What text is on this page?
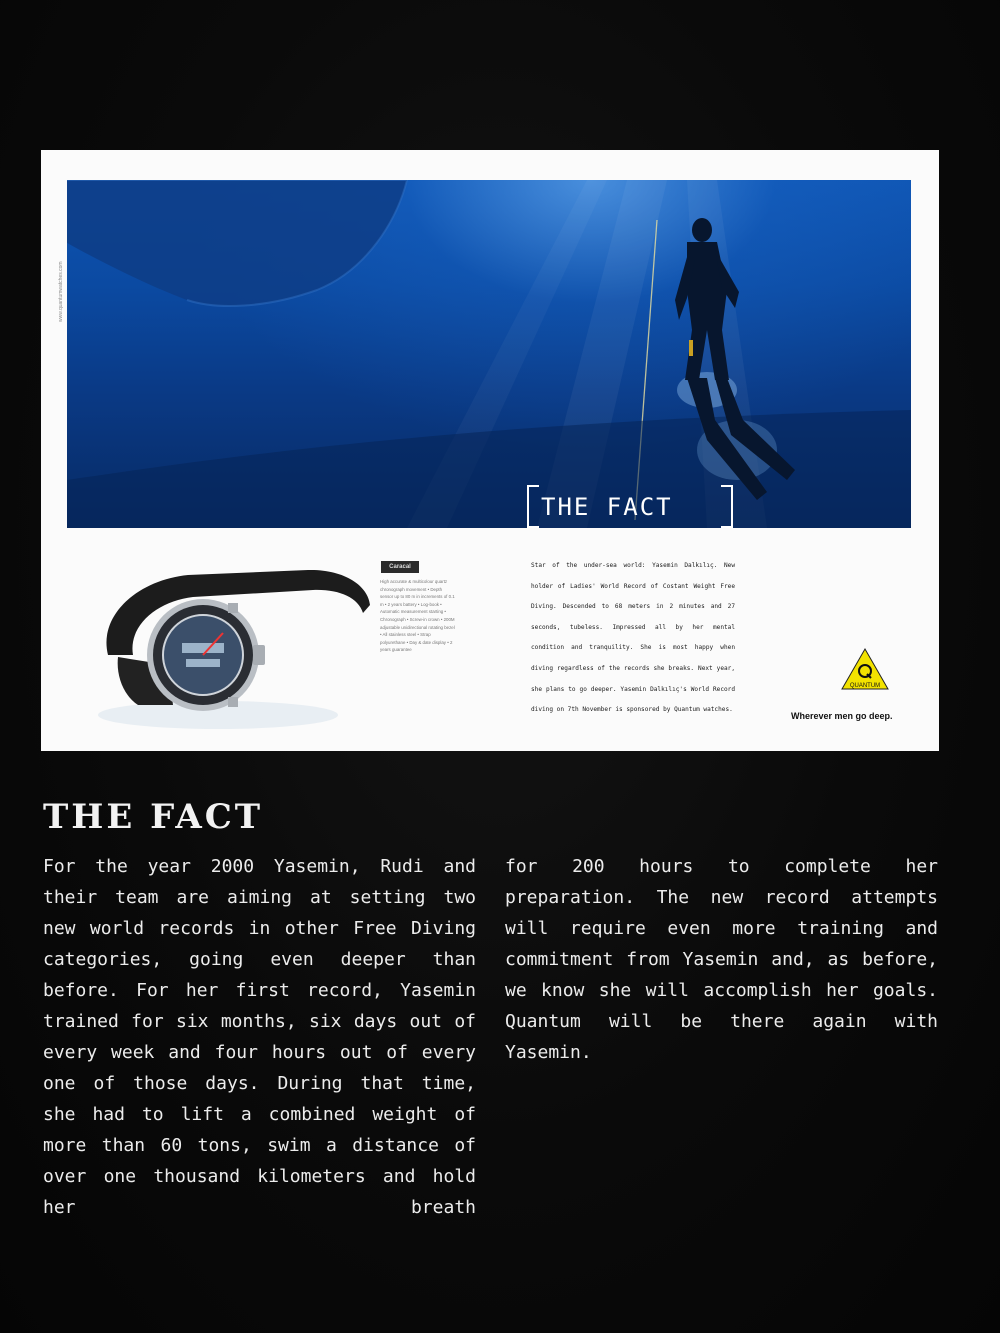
www.quantumwatches.com
THE FACT
Caracal
High accurate & multicolour quartz chronograph movement • Depth sensor up to 80 m in increments of 0.1 m • 2 years battery • Log-book • Automatic measurement starting • Chronograph • Screw-in crown • 200M adjustable unidirectional rotating bezel • All stainless steel • Strap polyurethane • Day & date display • 2 years guarantee
Star of the under-sea world: Yasemin Dalkılıç. New holder of Ladies' World Record of Costant Weight Free Diving. Descended to 68 meters in 2 minutes and 27 seconds, tubeless. Impressed all by her mental condition and tranquility. She is most happy when diving regardless of the records she breaks. Next year, she plans to go deeper. Yasemin Dalkılıç's World Record diving on 7th November is sponsored by Quantum watches.
QUANTUM
Wherever men go deep.
THE FACT
For the year 2000 Yasemin, Rudi and their team are aiming at setting two new world records in other Free Diving categories, going even deeper than before. For her first record, Yasemin trained for six months, six days out of every week and four hours out of every one of those days. During that time, she had to lift a combined weight of more than 60 tons, swim a distance of over one thousand kilometers and hold her breath
for 200 hours to complete her preparation. The new record attempts will require even more training and commitment from Yasemin and, as before, we know she will accomplish her goals. Quantum will be there again with Yasemin.
